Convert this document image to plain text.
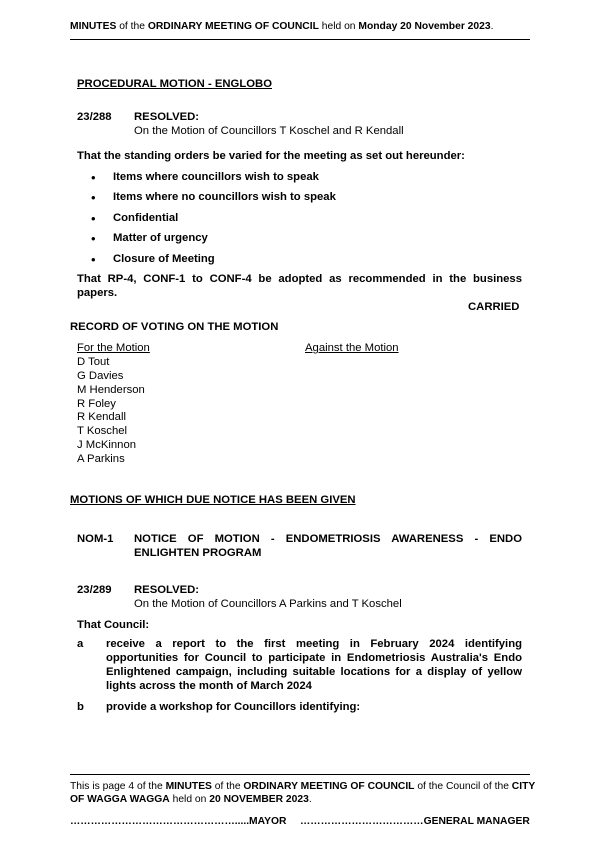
MINUTES of the ORDINARY MEETING OF COUNCIL held on Monday 20 November 2023.
PROCEDURAL MOTION - ENGLOBO
23/288 RESOLVED:
On the Motion of Councillors T Koschel and R Kendall
That the standing orders be varied for the meeting as set out hereunder:
• Items where councillors wish to speak
• Items where no councillors wish to speak
• Confidential
• Matter of urgency
• Closure of Meeting
That RP-4, CONF-1 to CONF-4 be adopted as recommended in the business
papers.
CARRIED
RECORD OF VOTING ON THE MOTION
For the Motion	Against the Motion
D Tout
G Davies
M Henderson
R Foley
R Kendall
T Koschel
J McKinnon
A Parkins
MOTIONS OF WHICH DUE NOTICE HAS BEEN GIVEN
NOM-1 NOTICE OF MOTION - ENDOMETRIOSIS AWARENESS - ENDO
ENLIGHTEN PROGRAM
23/289 RESOLVED:
On the Motion of Councillors A Parkins and T Koschel
That Council:
a receive a report to the first meeting in February 2024 identifying
opportunities for Council to participate in Endometriosis Australia's Endo
Enlightened campaign, including suitable locations for a display of yellow
lights across the month of March 2024
b provide a workshop for Councillors identifying:
This is page 4 of the MINUTES of the ORDINARY MEETING OF COUNCIL of the Council of the CITY
OF WAGGA WAGGA held on 20 NOVEMBER 2023.
………………………………………….....MAYOR ………………………………GENERAL MANAGER
